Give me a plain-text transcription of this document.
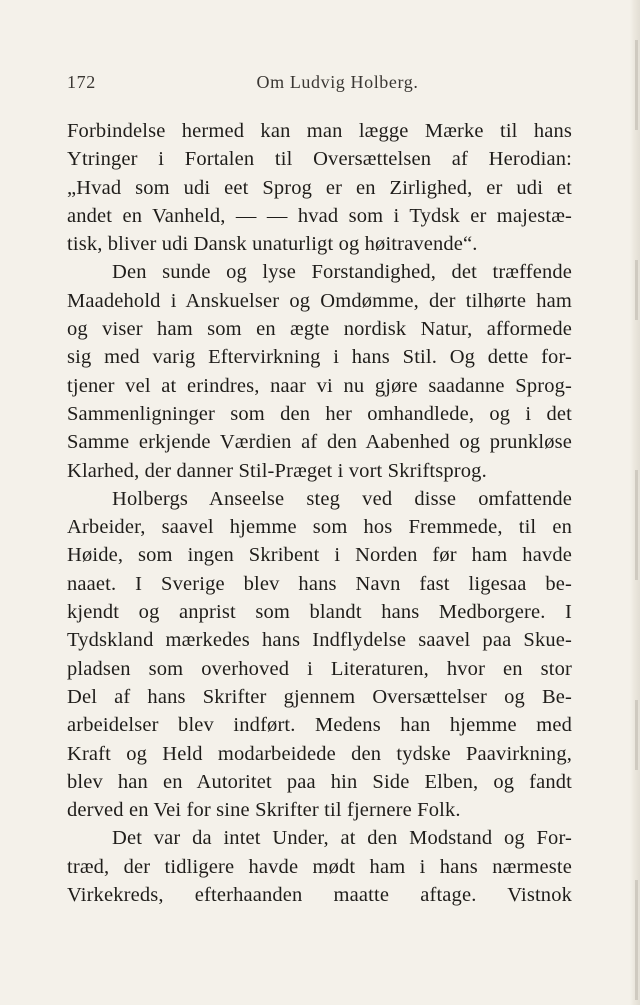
172	Om Ludvig Holberg.
Forbindelse hermed kan man lægge Mærke til hans
Ytringer i Fortalen til Oversættelsen af Herodian:
„Hvad som udi eet Sprog er en Zirlighed, er udi et
andet en Vanheld, — — hvad som i Tydsk er majestæ-
tisk, bliver udi Dansk unaturligt og høitravende“.
Den sunde og lyse Forstandighed, det træffende
Maadehold i Anskuelser og Omdømme, der tilhørte ham
og viser ham som en ægte nordisk Natur, afformede
sig med varig Eftervirkning i hans Stil. Og dette for-
tjener vel at erindres, naar vi nu gjøre saadanne Sprog-
Sammenligninger som den her omhandlede, og i det
Samme erkjende Værdien af den Aabenhed og prunkløse
Klarhed, der danner Stil-Præget i vort Skriftsprog.
Holbergs Anseelse steg ved disse omfattende
Arbeider, saavel hjemme som hos Fremmede, til en
Høide, som ingen Skribent i Norden før ham havde
naaet. I Sverige blev hans Navn fast ligesaa be-
kjendt og anprist som blandt hans Medborgere. I
Tydskland mærkedes hans Indflydelse saavel paa Skue-
pladsen som overhoved i Literaturen, hvor en stor
Del af hans Skrifter gjennem Oversættelser og Be-
arbeidelser blev indført. Medens han hjemme med
Kraft og Held modarbeidede den tydske Paavirkning,
blev han en Autoritet paa hin Side Elben, og fandt
derved en Vei for sine Skrifter til fjernere Folk.
Det var da intet Under, at den Modstand og For-
træd, der tidligere havde mødt ham i hans nærmeste
Virkekreds, efterhaanden maatte aftage. Vistnok
